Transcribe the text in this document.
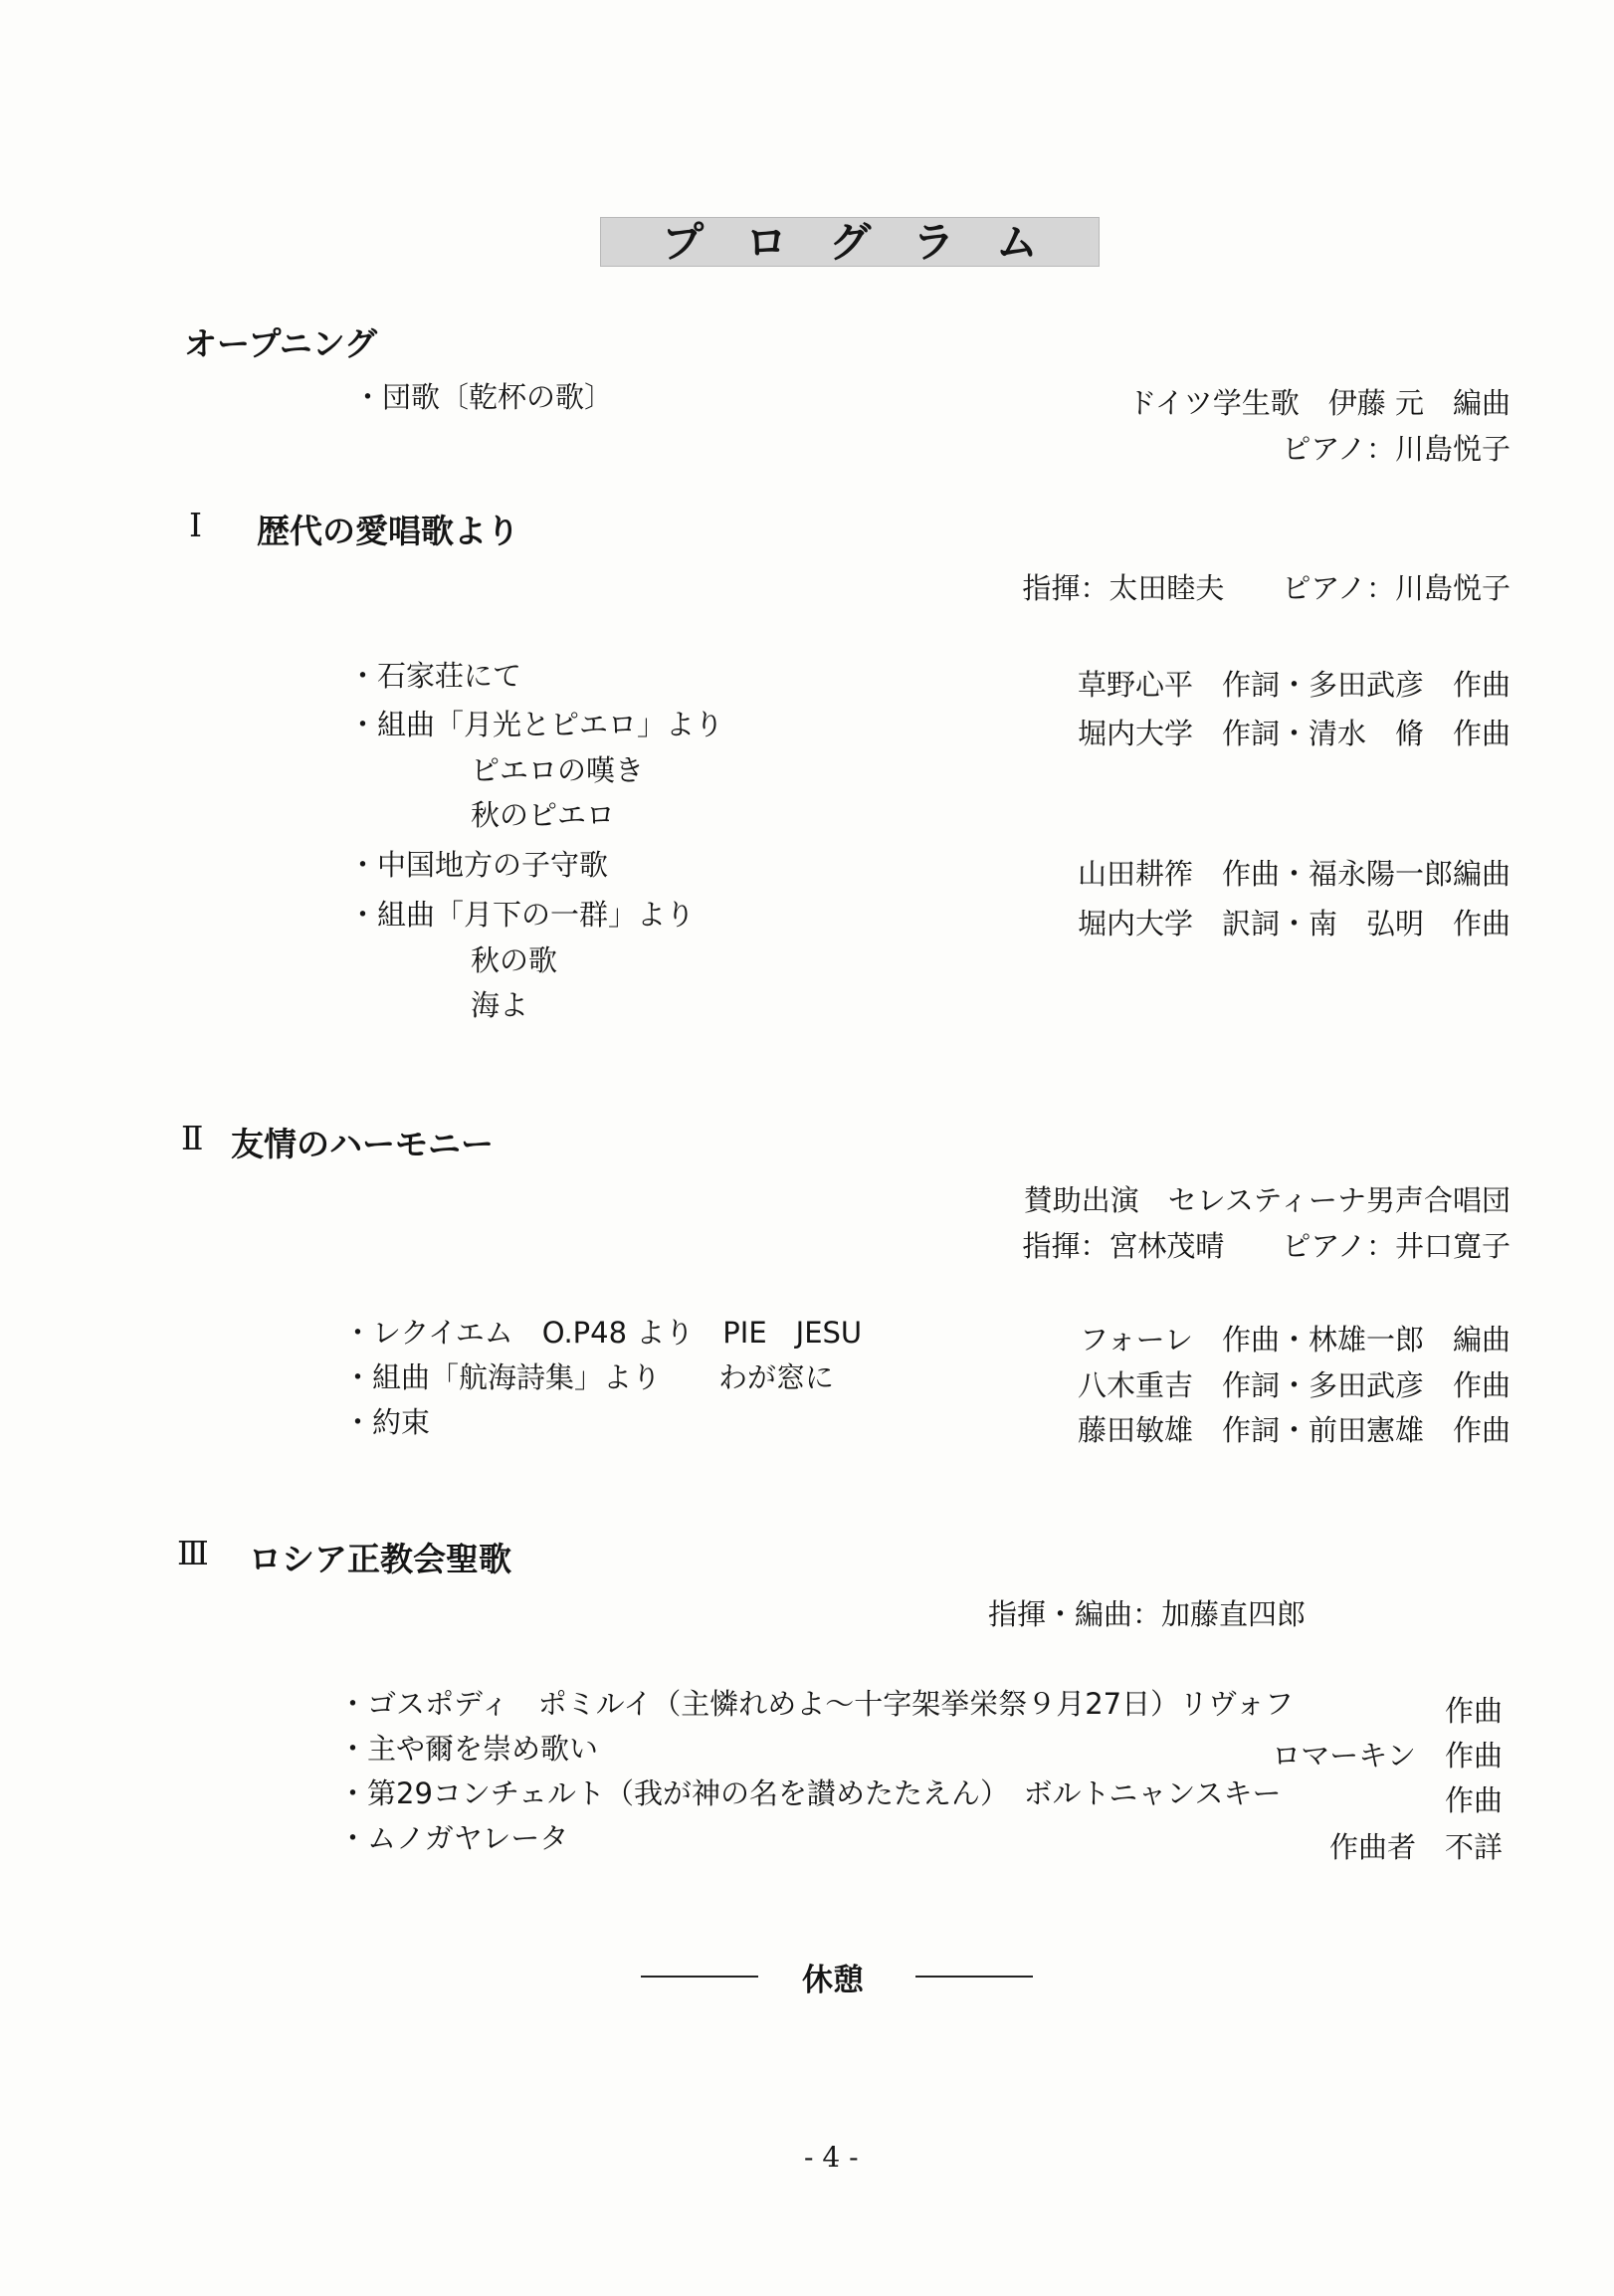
プログラム
オープニング
・団歌〔乾杯の歌〕	ドイツ学生歌　伊藤 元　編曲
ピアノ：川島悦子
Ⅰ 歴代の愛唱歌より
指揮：太田睦夫　　ピアノ：川島悦子
・石家荘にて	草野心平　作詞・多田武彦　作曲
・組曲「月光とピエロ」より	堀内大学　作詞・清水　脩　作曲
ピエロの嘆き
秋のピエロ
・中国地方の子守歌	山田耕筰　作曲・福永陽一郎編曲
・組曲「月下の一群」より	堀内大学　訳詞・南　弘明　作曲
秋の歌
海よ
Ⅱ 友情のハーモニー
賛助出演　セレスティーナ男声合唱団
指揮：宮林茂晴　　ピアノ：井口寛子
・レクイエム　O.P48 より　PIE　JESU	フォーレ　作曲・林雄一郎　編曲
・組曲「航海詩集」より　　わが窓に	八木重吉　作詞・多田武彦　作曲
・約束	藤田敏雄　作詞・前田憲雄　作曲
Ⅲ ロシア正教会聖歌
指揮・編曲：加藤直四郎
・ゴスポディ　ポミルイ（主憐れめよ～十字架挙栄祭９月27日）リヴォフ	作曲
・主や爾を崇め歌い	ロマーキン　作曲
・第29コンチェルト（我が神の名を讃めたたえん）　ボルトニャンスキー	作曲
・ムノガヤレータ	作曲者　不詳
休憩
- 4 -
